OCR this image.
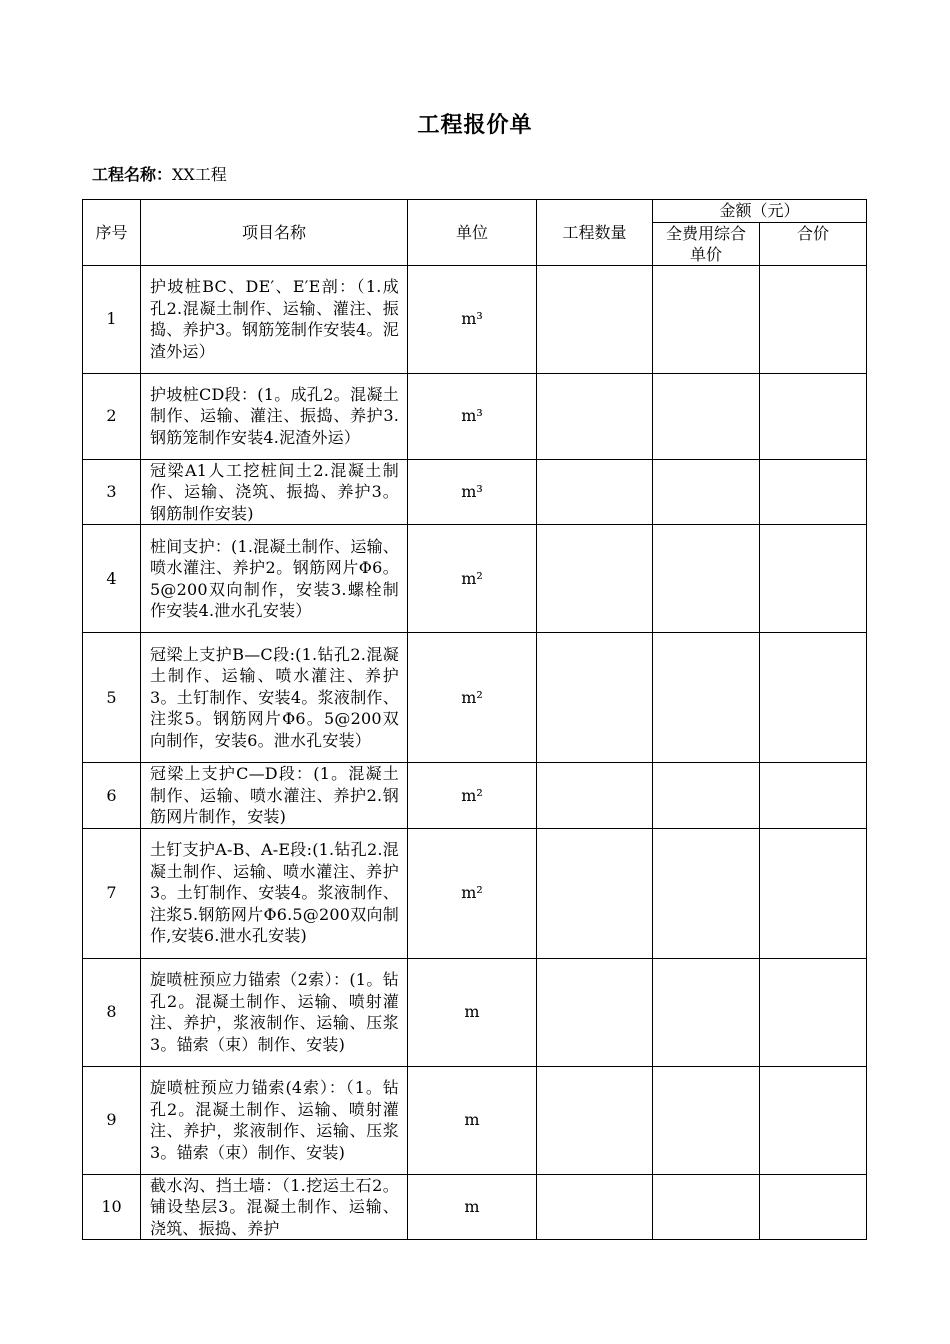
工程报价单
工程名称：XX工程
序号	项目名称	单位	工程数量	金额（元）	
				全费用综合单价	合价
1	护坡桩BC、DE′、E′E剖：（1.成孔2.混凝土制作、运输、灌注、振捣、养护3。钢筋笼制作安装4。泥渣外运）	m³			
2	护坡桩CD段：(1。成孔2。混凝土制作、运输、灌注、振捣、养护3.钢筋笼制作安装4.泥渣外运）	m³			
3	冠梁A1人工挖桩间土2.混凝土制作、运输、浇筑、振捣、养护3。钢筋制作安装)	m³			
4	桩间支护：(1.混凝土制作、运输、喷水灌注、养护2。钢筋网片Φ6。5@200双向制作，安装3.螺栓制作安装4.泄水孔安装）	m²			
5	冠梁上支护B—C段:(1.钻孔2.混凝土制作、运输、喷水灌注、养护3。土钉制作、安装4。浆液制作、注浆5。钢筋网片Φ6。5@200双向制作，安装6。泄水孔安装）	m²			
6	冠梁上支护C—D段：(1。混凝土制作、运输、喷水灌注、养护2.钢筋网片制作，安装)	m²			
7	土钉支护A-B、A-E段:(1.钻孔2.混凝土制作、运输、喷水灌注、养护3。土钉制作、安装4。浆液制作、注浆5.钢筋网片Φ6.5@200双向制作,安装6.泄水孔安装)	m²			
8	旋喷桩预应力锚索（2索）：(1。钻孔2。混凝土制作、运输、喷射灌注、养护，浆液制作、运输、压浆3。锚索（束）制作、安装)	m			
9	旋喷桩预应力锚索(4索）：（1。钻孔2。混凝土制作、运输、喷射灌注、养护，浆液制作、运输、压浆3。锚索（束）制作、安装)	m			
10	截水沟、挡土墙：（1.挖运土石2。铺设垫层3。混凝土制作、运输、浇筑、振捣、养护	m			
